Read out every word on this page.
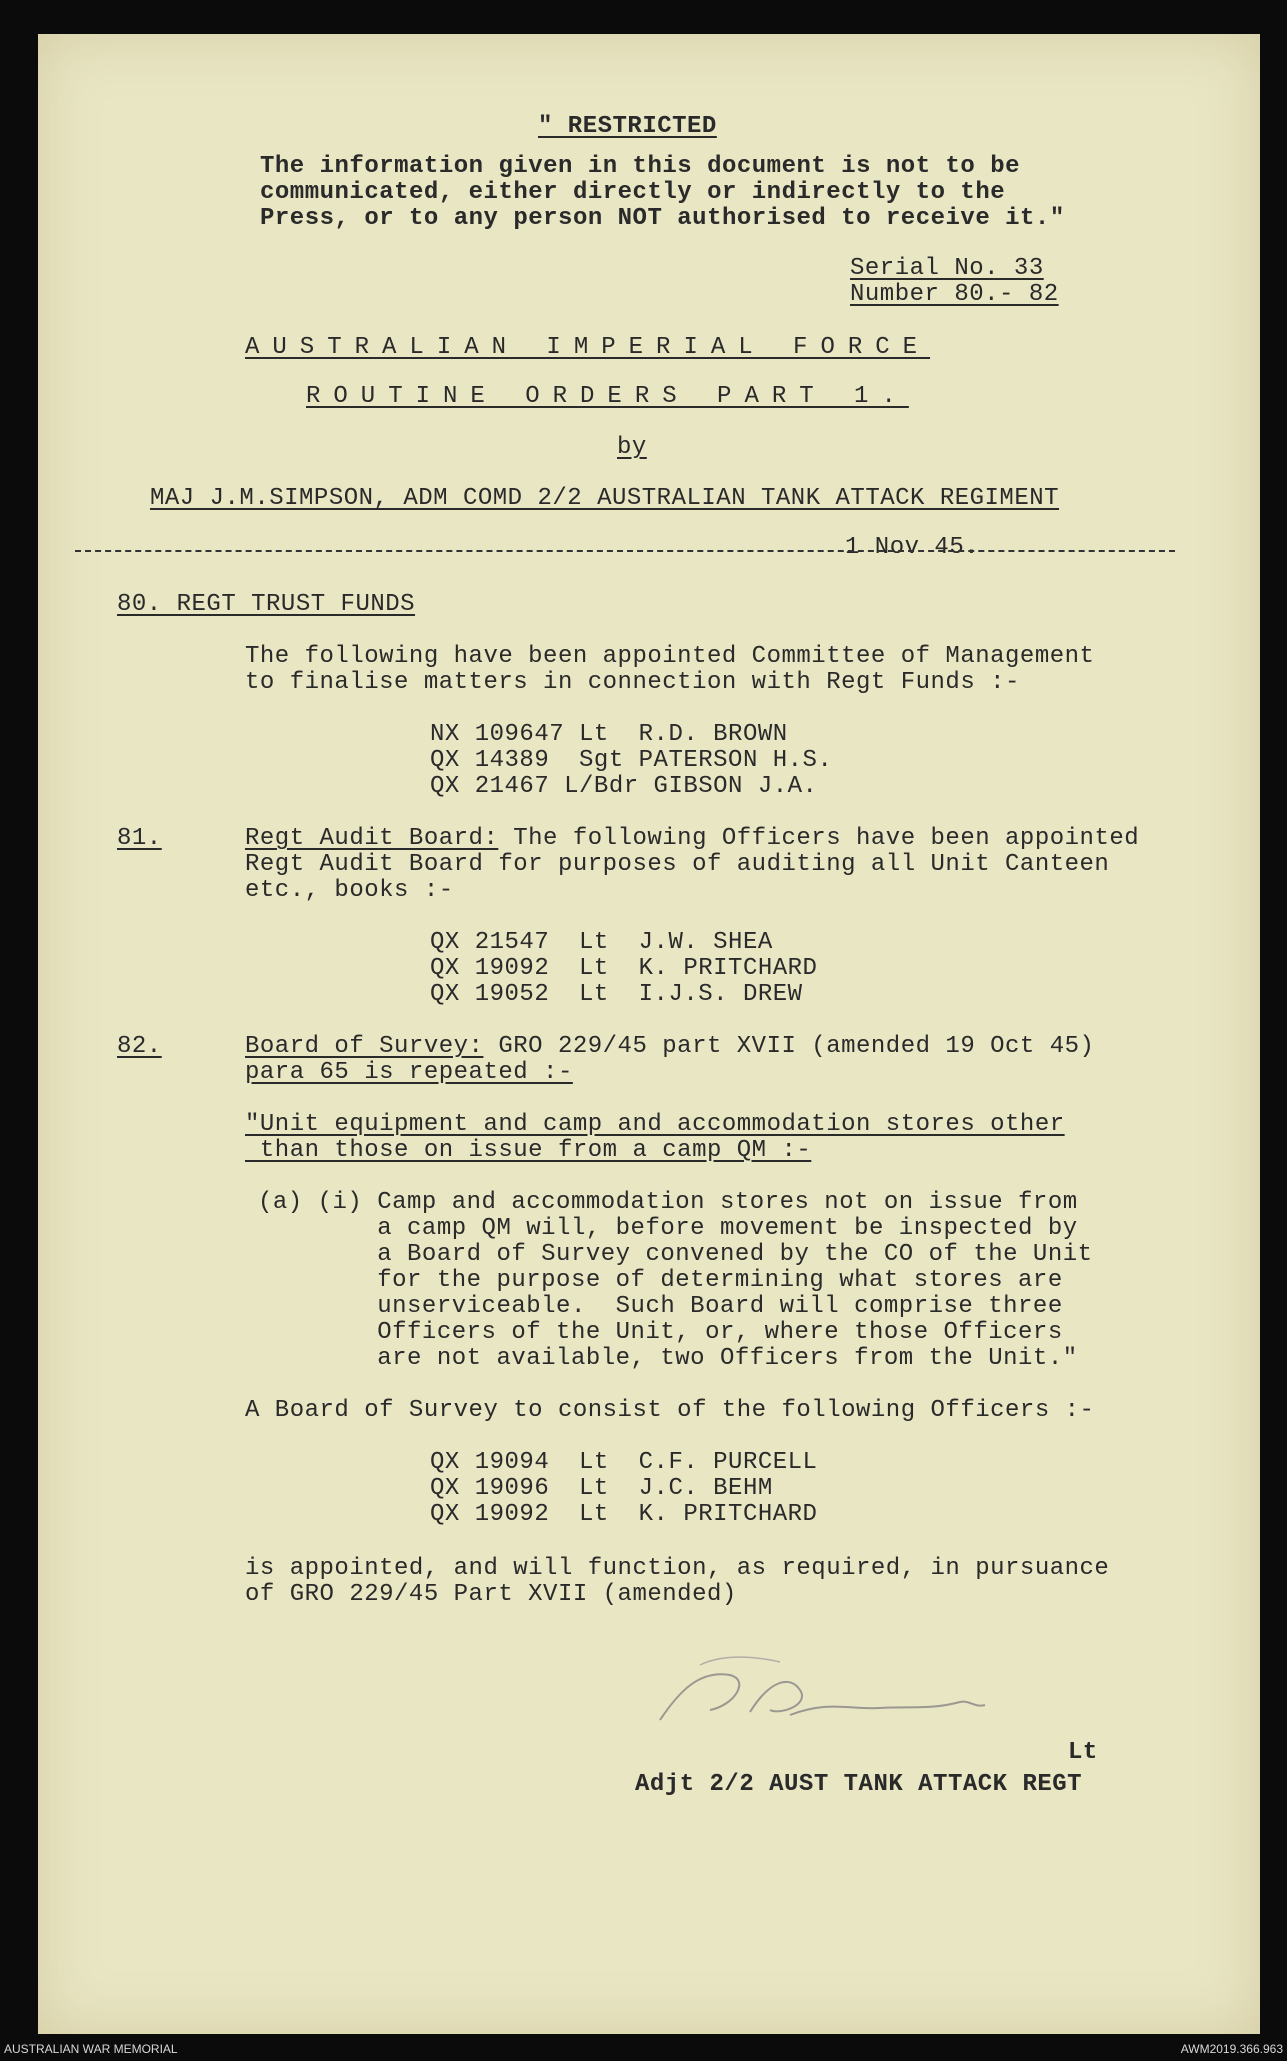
" RESTRICTED
The information given in this document is not to be
communicated, either directly or indirectly to the
Press, or to any person NOT authorised to receive it."
Serial No. 33
Number 80.- 82
AUSTRALIAN IMPERIAL FORCE
ROUTINE ORDERS PART 1.
by
MAJ J.M.SIMPSON, ADM COMD 2/2 AUSTRALIAN TANK ATTACK REGIMENT
1 Nov 45.
80. REGT TRUST FUNDS
The following have been appointed Committee of Management
to finalise matters in connection with Regt Funds :-
NX 109647 Lt  R.D. BROWN
QX 14389  Sgt PATERSON H.S.
QX 21467 L/Bdr GIBSON J.A.
81.	Regt Audit Board: The following Officers have been appointed
Regt Audit Board for purposes of auditing all Unit Canteen
etc., books :-
QX 21547  Lt  J.W. SHEA
QX 19092  Lt  K. PRITCHARD
QX 19052  Lt  I.J.S. DREW
82.	Board of Survey: GRO 229/45 part XVII (amended 19 Oct 45)
para 65 is repeated :-
"Unit equipment and camp and accommodation stores other
than those on issue from a camp QM :-
(a) (i) Camp and accommodation stores not on issue from
a camp QM will, before movement be inspected by
a Board of Survey convened by the CO of the Unit
for the purpose of determining what stores are
unserviceable.  Such Board will comprise three
Officers of the Unit, or, where those Officers
are not available, two Officers from the Unit."
A Board of Survey to consist of the following Officers :-
QX 19094  Lt  C.F. PURCELL
QX 19096  Lt  J.C. BEHM
QX 19092  Lt  K. PRITCHARD
is appointed, and will function, as required, in pursuance
of GRO 229/45 Part XVII (amended)
Lt
Adjt 2/2 AUST TANK ATTACK REGT
AUSTRALIAN WAR MEMORIAL	AWM2019.366.963
